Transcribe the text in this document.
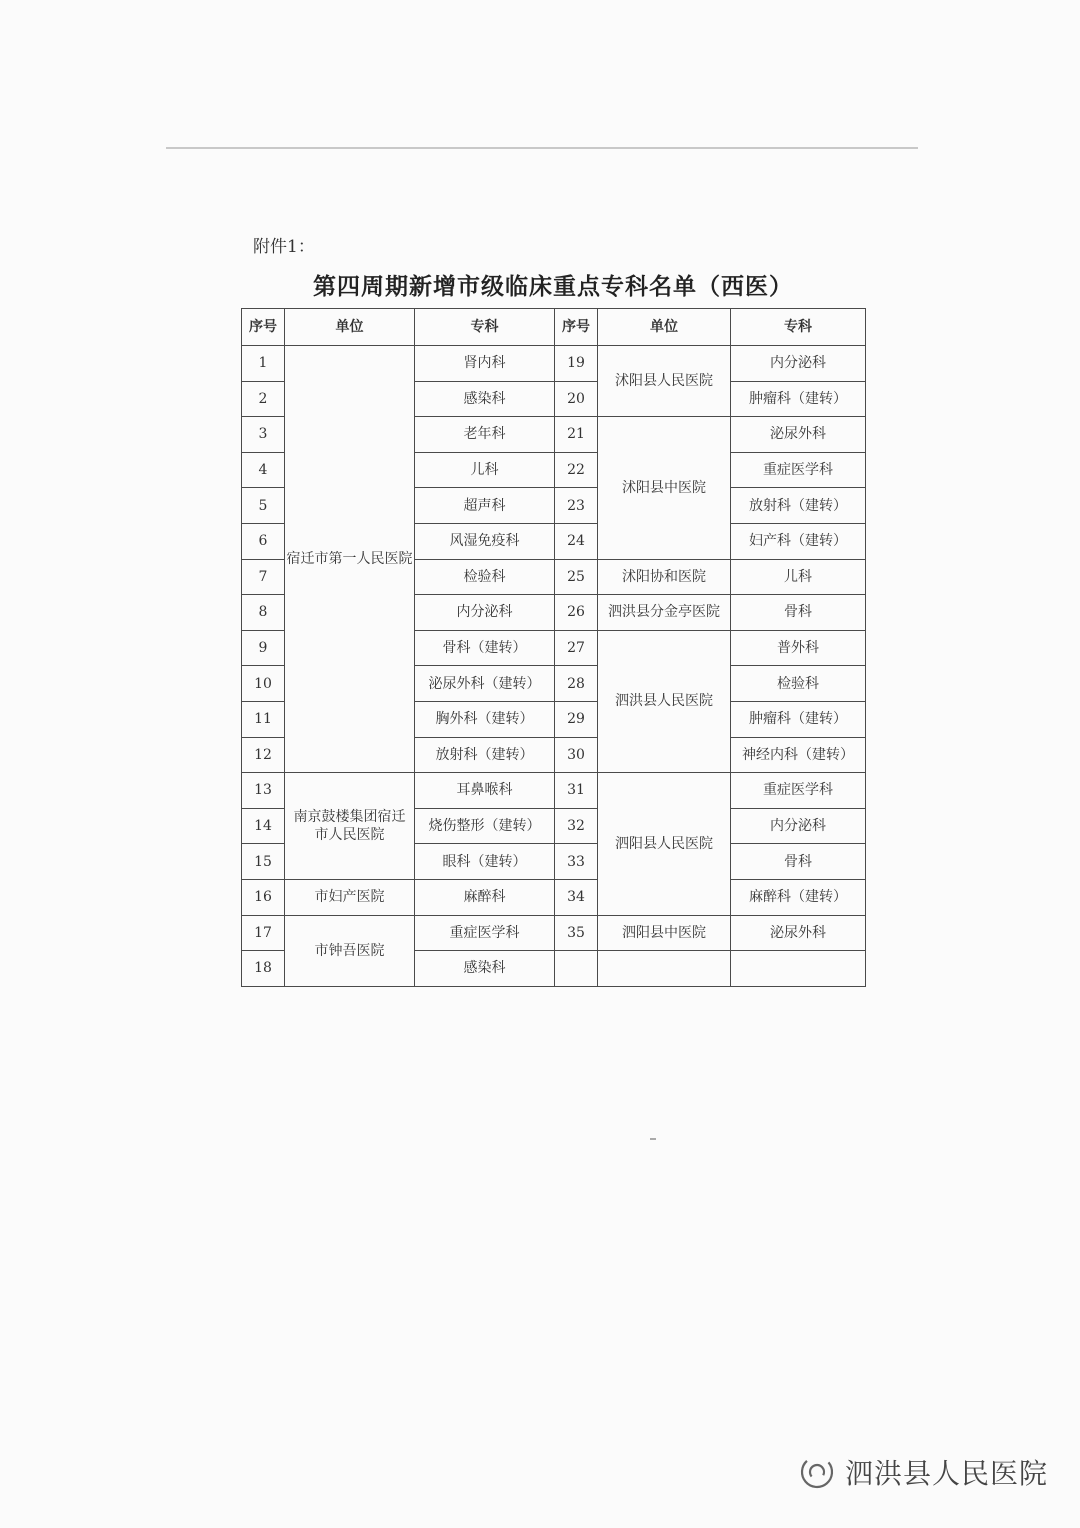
附件1：
第四周期新增市级临床重点专科名单（西医）
序号	单位	专科	序号	单位	专科
1	宿迁市第一人民医院	肾内科	19	沭阳县人民医院	内分泌科
2		感染科	20		肿瘤科（建转）
3		老年科	21	沭阳县中医院	泌尿外科
4		儿科	22		重症医学科
5		超声科	23		放射科（建转）
6		风湿免疫科	24		妇产科（建转）
7		检验科	25	沭阳协和医院	儿科
8		内分泌科	26	泗洪县分金亭医院	骨科
9		骨科（建转）	27	泗洪县人民医院	普外科
10		泌尿外科（建转）	28		检验科
11		胸外科（建转）	29		肿瘤科（建转）
12		放射科（建转）	30		神经内科（建转）
13	南京鼓楼集团宿迁市人民医院	耳鼻喉科	31	泗阳县人民医院	重症医学科
14		烧伤整形（建转）	32		内分泌科
15		眼科（建转）	33		骨科
16	市妇产医院	麻醉科	34		麻醉科（建转）
17	市钟吾医院	重症医学科	35	泗阳县中医院	泌尿外科
18		感染科			
泗洪县人民医院
